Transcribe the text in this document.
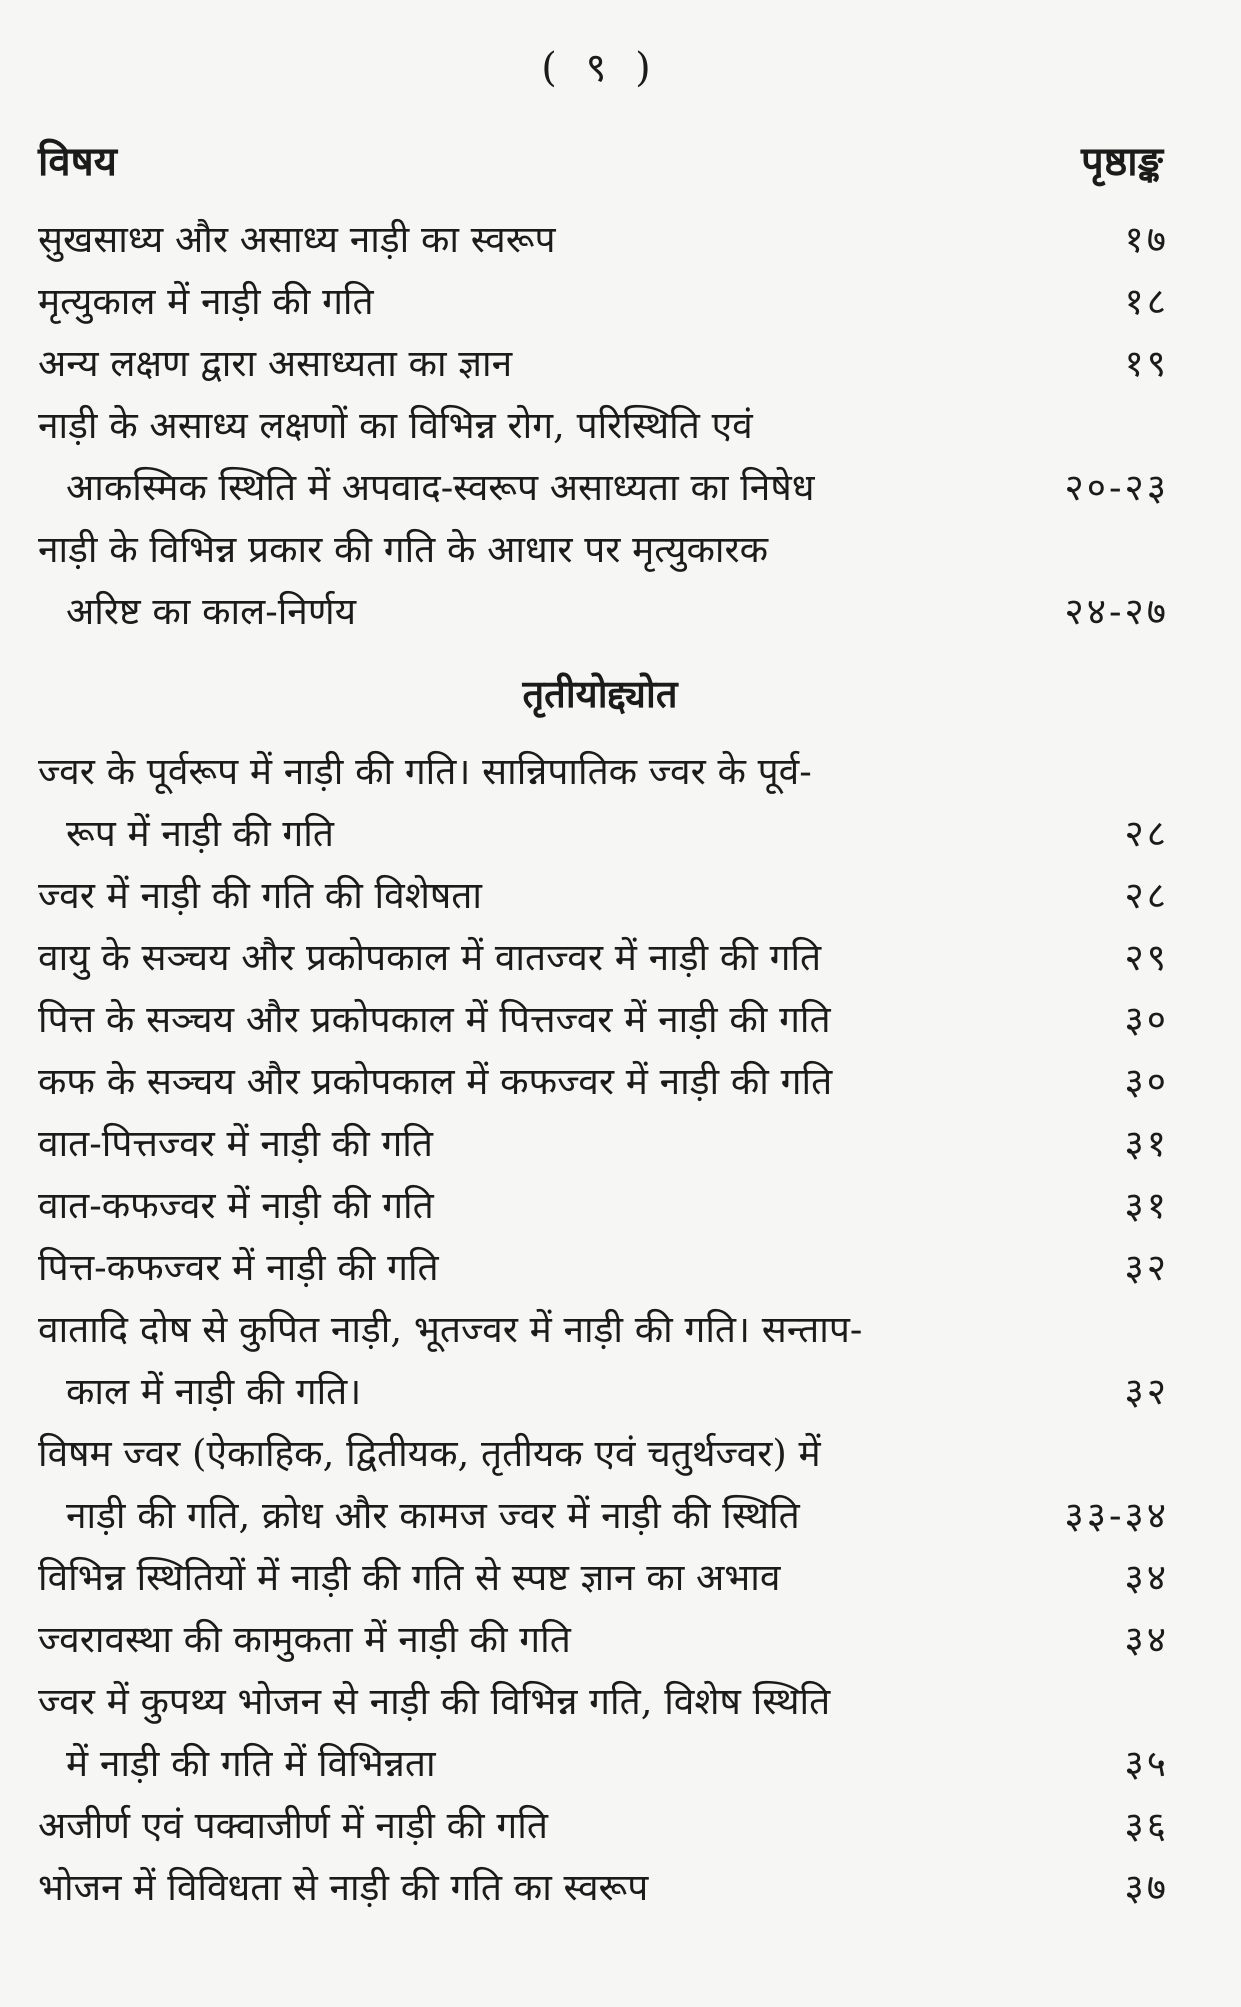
( ९ )
विषय	पृष्ठाङ्क
सुखसाध्य और असाध्य नाड़ी का स्वरूप	१७
मृत्युकाल में नाड़ी की गति	१८
अन्य लक्षण द्वारा असाध्यता का ज्ञान	१९
नाड़ी के असाध्य लक्षणों का विभिन्न रोग, परिस्थिति एवं
आकस्मिक स्थिति में अपवाद-स्वरूप असाध्यता का निषेध	२०-२३
नाड़ी के विभिन्न प्रकार की गति के आधार पर मृत्युकारक
अरिष्ट का काल-निर्णय	२४-२७
तृतीयोद्द्योत
ज्वर के पूर्वरूप में नाड़ी की गति। सान्निपातिक ज्वर के पूर्व-
रूप में नाड़ी की गति	२८
ज्वर में नाड़ी की गति की विशेषता	२८
वायु के सञ्चय और प्रकोपकाल में वातज्वर में नाड़ी की गति	२९
पित्त के सञ्चय और प्रकोपकाल में पित्तज्वर में नाड़ी की गति	३०
कफ के सञ्चय और प्रकोपकाल में कफज्वर में नाड़ी की गति	३०
वात-पित्तज्वर में नाड़ी की गति	३१
वात-कफज्वर में नाड़ी की गति	३१
पित्त-कफज्वर में नाड़ी की गति	३२
वातादि दोष से कुपित नाड़ी, भूतज्वर में नाड़ी की गति। सन्ताप-
काल में नाड़ी की गति।	३२
विषम ज्वर (ऐकाहिक, द्वितीयक, तृतीयक एवं चतुर्थज्वर) में
नाड़ी की गति, क्रोध और कामज ज्वर में नाड़ी की स्थिति	३३-३४
विभिन्न स्थितियों में नाड़ी की गति से स्पष्ट ज्ञान का अभाव	३४
ज्वरावस्था की कामुकता में नाड़ी की गति	३४
ज्वर में कुपथ्य भोजन से नाड़ी की विभिन्न गति, विशेष स्थिति
में नाड़ी की गति में विभिन्नता	३५
अजीर्ण एवं पक्वाजीर्ण में नाड़ी की गति	३६
भोजन में विविधता से नाड़ी की गति का स्वरूप	३७
